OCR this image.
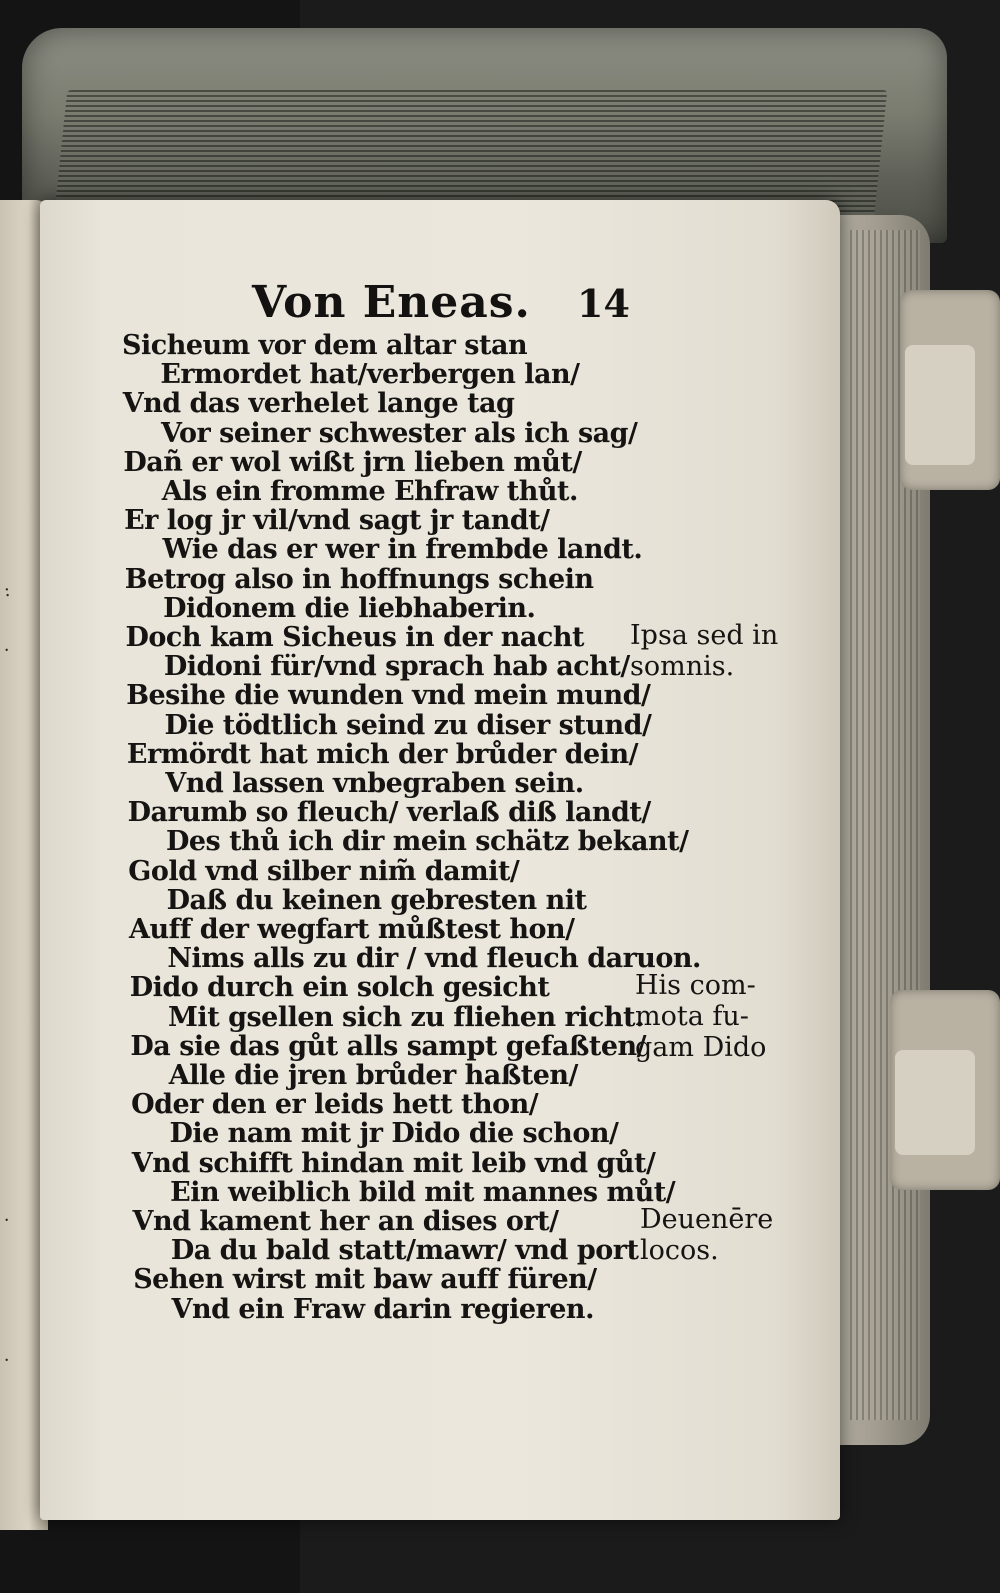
:
·
·
·
Von Eneas. 14
Sicheum vor dem altar stan
Ermordet hat/verbergen lan/
Vnd das verhelet lange tag
Vor seiner schwester als ich sag/
Dañ er wol wißt jrn lieben můt/
Als ein fromme Ehfraw thůt.
Er log jr vil/vnd sagt jr tandt/
Wie das er wer in frembde landt.
Betrog also in hoffnungs schein
Didonem die liebhaberin.
Doch kam Sicheus in der nacht
Didoni für/vnd sprach hab acht/
Besihe die wunden vnd mein mund/
Die tödtlich seind zu diser stund/
Ermördt hat mich der brůder dein/
Vnd lassen vnbegraben sein.
Darumb so fleuch/ verlaß diß landt/
Des thů ich dir mein schätz bekant/
Gold vnd silber nim̃ damit/
Daß du keinen gebresten nit
Auff der wegfart můßtest hon/
Nims alls zu dir / vnd fleuch daruon.
Dido durch ein solch gesicht
Mit gsellen sich zu fliehen richt.
Da sie das gůt alls sampt gefaßten/
Alle die jren brůder haßten/
Oder den er leids hett thon/
Die nam mit jr Dido die schon/
Vnd schifft hindan mit leib vnd gůt/
Ein weiblich bild mit mannes můt/
Vnd kament her an dises ort/
Da du bald statt/mawr/ vnd port
Sehen wirst mit baw auff füren/
Vnd ein Fraw darin regieren.
Ipsa sed in
somnis.
His com-
mota fu-
gam Dido
Deuenēre
locos.
